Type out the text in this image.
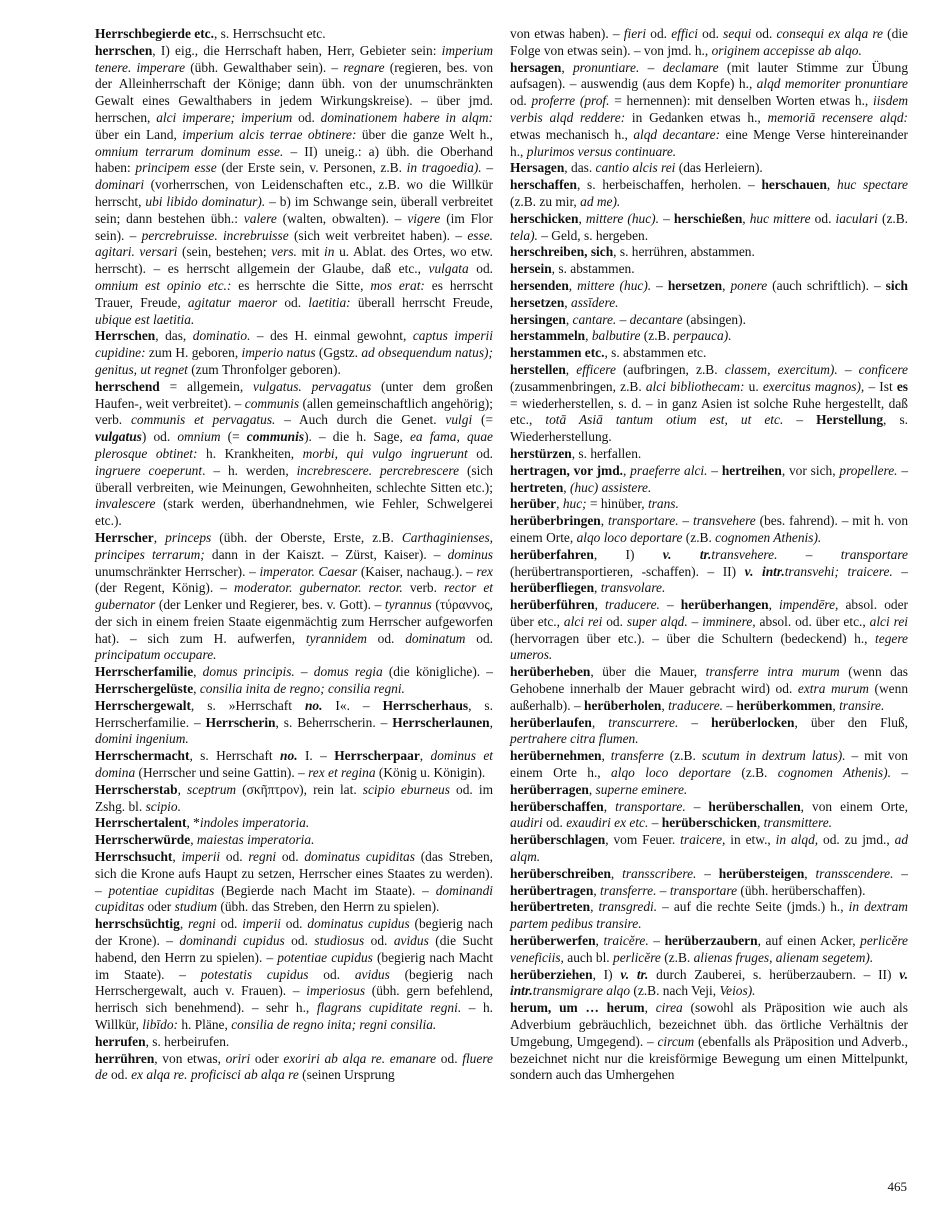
Herrschbegierde etc., s. Herrschsucht etc.

herrschen, I) eig., die Herrschaft haben, Herr, Gebieter sein: imperium tenere. imperare (übh. Gewalthaber sein). – regnare (regieren, bes. von der Alleinherrschaft der Könige; dann übh. von der unumschränkten Gewalt eines Gewalthabers in jedem Wirkungskreise). – über jmd. herrschen, alci imperare; imperium od. dominationem habere in alqm: über ein Land, imperium alcis terrae obtinere: über die ganze Welt h., omnium terrarum dominum esse. – II) uneig.: a) übh. die Oberhand haben: principem esse (der Erste sein, v. Personen, z.B. in tragoedia). – dominari (vorherrschen, von Leidenschaften etc., z.B. wo die Willkür herrscht, ubi libido dominatur). – b) im Schwange sein, überall verbreitet sein; dann bestehen übh.: valere (walten, obwalten). – vigere (im Flor sein). – percrebruisse. increbruisse (sich weit verbreitet haben). – esse. agitari. versari (sein, bestehen; vers. mit in u. Ablat. des Ortes, wo etw. herrscht). – es herrscht allgemein der Glaube, daß etc., vulgata od. omnium est opinio etc.: es herrschte die Sitte, mos erat: es herrscht Trauer, Freude, agitatur maeror od. laetitia: überall herrscht Freude, ubique est laetitia.

Herrschen, das, dominatio. – des H. einmal gewohnt, captus imperii cupidine: zum H. geboren, imperio natus (Ggstz. ad obsequendum natus); genitus, ut regnet (zum Thronfolger geboren).

herrschend = allgemein, vulgatus. pervagatus (unter dem großen Haufen-, weit verbreitet). – communis (allen gemeinschaftlich angehörig); verb. communis et pervagatus. – Auch durch die Genet. vulgi (= vulgatus) od. omnium (= communis). – die h. Sage, ea fama, quae plerosque obtinet: h. Krankheiten, morbi, qui vulgo ingruerunt od. ingruere coeperunt. – h. werden, increbrescere. percrebrescere (sich überall verbreiten, wie Meinungen, Gewohnheiten, schlechte Sitten etc.); invalescere (stark werden, überhandnehmen, wie Fehler, Schwelgerei etc.).

Herrscher, princeps (übh. der Oberste, Erste, z.B. Carthaginienses, principes terrarum; dann in der Kaiszt. – Zürst, Kaiser). – dominus unumschränkter Herrscher). – imperator. Caesar (Kaiser, nachaug.). – rex (der Regent, König). – moderator. gubernator. rector. verb. rector et gubernator (der Lenker und Regierer, bes. v. Gott). – tyrannus (τύραννος, der sich in einem freien Staate eigenmächtig zum Herrscher aufgeworfen hat). – sich zum H. aufwerfen, tyrannidem od. dominatum od. principatum occupare.

Herrscherfamilie, domus principis. – domus regia (die königliche). – Herrschergelüste, consilia inita de regno; consilia regni.

Herrschergewalt, s. »Herrschaft no. I«. – Herrscherhaus, s. Herrscherfamilie. – Herrscherin, s. Beherrscherin. – Herrscherlaunen, domini ingenium.

Herrschermacht, s. Herrschaft no. I. – Herrscherpaar, dominus et domina (Herrscher und seine Gattin). – rex et regina (König u. Königin).

Herrscherstab, sceptrum (σκῆπτρον), rein lat. scipio eburneus od. im Zshg. bl. scipio.

Herrschertalent, *indoles imperatoria.

Herrscherwürde, maiestas imperatoria.

Herrschsucht, imperii od. regni od. dominatus cupiditas (das Streben, sich die Krone aufs Haupt zu setzen, Herrscher eines Staates zu werden). – potentiae cupiditas (Begierde nach Macht im Staate). – dominandi cupiditas oder studium (übh. das Streben, den Herrn zu spielen).

herrschsüchtig, regni od. imperii od. dominatus cupidus (begierig nach der Krone). – dominandi cupidus od. studiosus od. avidus (die Sucht habend, den Herrn zu spielen). – potentiae cupidus (begierig nach Macht im Staate). – potestatis cupidus od. avidus (begierig nach Herrschergewalt, auch v. Frauen). – imperiosus (übh. gern befehlend, herrisch sich benehmend). – sehr h., flagrans cupiditate regni. – h. Willkür, libīdo: h. Pläne, consilia de regno inita; regni consilia.

herrufen, s. herbeirufen.

herrühren, von etwas, oriri oder exoriri ab alqa re. emanare od. fluere de od. ex alqa re. proficisci ab alqa re (seinen Ursprung

von etwas haben). – fieri od. effici od. sequi od. consequi ex alqa re (die Folge von etwas sein). – von jmd. h., originem accepisse ab alqo.

hersagen, pronuntiare. – declamare (mit lauter Stimme zur Übung aufsagen). – auswendig (aus dem Kopfe) h., alqd memoriter pronuntiare od. proferre (prof. = hernennen): mit denselben Worten etwas h., iisdem verbis alqd reddere: in Gedanken etwas h., memoriā recensere alqd: etwas mechanisch h., alqd decantare: eine Menge Verse hintereinander h., plurimos versus continuare.

Hersagen, das. cantio alcis rei (das Herleiern).

herschaffen, s. herbeischaffen, herholen. – herschauen, huc spectare (z.B. zu mir, ad me).

herschicken, mittere (huc). – herschießen, huc mittere od. iaculari (z.B. tela). – Geld, s. hergeben.

herschreiben, sich, s. herrühren, abstammen.

hersein, s. abstammen.

hersenden, mittere (huc). – hersetzen, ponere (auch schriftlich). – sich hersetzen, assīdere.

hersingen, cantare. – decantare (absingen).

herstammeln, balbutire (z.B. perpauca).

herstammen etc., s. abstammen etc.

herstellen, efficere (aufbringen, z.B. classem, exercitum). – conficere (zusammenbringen, z.B. alci bibliothecam: u. exercitus magnos), – Ist es = wiederherstellen, s. d. – in ganz Asien ist solche Ruhe hergestellt, daß etc., totā Asiā tantum otium est, ut etc. – Herstellung, s. Wiederherstellung.

herstürzen, s. herfallen.

hertragen, vor jmd., praeferre alci. – hertreihen, vor sich, propellere. – hertreten, (huc) assistere.

herüber, huc; = hinüber, trans.

herüberbringen, transportare. – transvehere (bes. fahrend). – mit h. von einem Orte, alqo loco deportare (z.B. cognomen Athenis).

herüberfahren, I) v. tr.transvehere. – transportare (herübertransportieren, -schaffen). – II) v. intr.transvehi; traicere. – herüberfliegen, transvolare.

herüberführen, traducere. – herüberhangen, impendēre, absol. oder über etc., alci rei od. super alqd. – imminere, absol. od. über etc., alci rei (hervorragen über etc.). – über die Schultern (bedeckend) h., tegere umeros.

herüberheben, über die Mauer, transferre intra murum (wenn das Gehobene innerhalb der Mauer gebracht wird) od. extra murum (wenn außerhalb). – herüberholen, traducere. – herüberkommen, transire.

herüberlaufen, transcurrere. – herüberlocken, über den Fluß, pertrahere citra flumen.

herübernehmen, transferre (z.B. scutum in dextrum latus). – mit von einem Orte h., alqo loco deportare (z.B. cognomen Athenis). – herüberragen, superne eminere.

herüberschaffen, transportare. – herüberschallen, von einem Orte, audiri od. exaudiri ex etc. – herüberschicken, transmittere.

herüberschlagen, vom Feuer. traicere, in etw., in alqd, od. zu jmd., ad alqm.

herüberschreiben, transscribere. – herübersteigen, transscendere. – herübertragen, transferre. – transportare (übh. herüberschaffen).

herübertreten, transgredi. – auf die rechte Seite (jmds.) h., in dextram partem pedibus transire.

herüberwerfen, traicĕre. – herüberzaubern, auf einen Acker, perlicĕre veneficiis, auch bl. perlicĕre (z.B. alienas fruges, alienam segetem).

herüberziehen, I) v. tr. durch Zauberei, s. herüberzaubern. – II) v. intr.transmigrare alqo (z.B. nach Veji, Veios).

herum, um … herum, cirea (sowohl als Präposition wie auch als Adverbium gebräuchlich, bezeichnet übh. das örtliche Verhältnis der Umgebung, Umgegend). – circum (ebenfalls als Präposition und Adverb., bezeichnet nicht nur die kreisförmige Bewegung um einen Mittelpunkt, sondern auch das Umhergehen

465
